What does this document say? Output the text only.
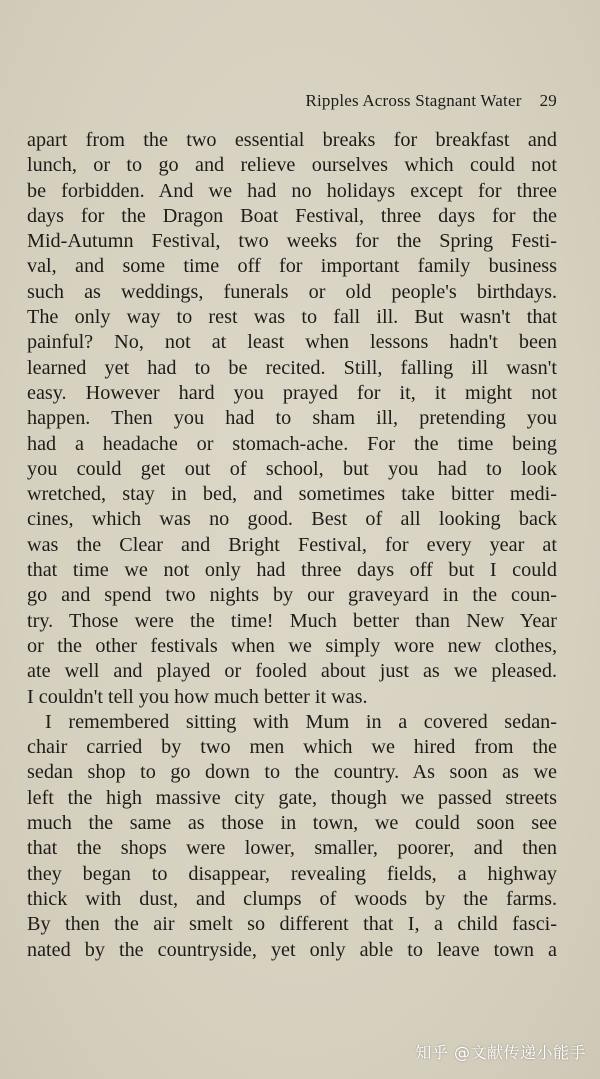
Ripples Across Stagnant Water 29
apart from the two essential breaks for breakfast and
lunch, or to go and relieve ourselves which could not
be forbidden. And we had no holidays except for three
days for the Dragon Boat Festival, three days for the
Mid-Autumn Festival, two weeks for the Spring Festi-
val, and some time off for important family business
such as weddings, funerals or old people's birthdays.
The only way to rest was to fall ill. But wasn't that
painful? No, not at least when lessons hadn't been
learned yet had to be recited. Still, falling ill wasn't
easy. However hard you prayed for it, it might not
happen. Then you had to sham ill, pretending you
had a headache or stomach-ache. For the time being
you could get out of school, but you had to look
wretched, stay in bed, and sometimes take bitter medi-
cines, which was no good. Best of all looking back
was the Clear and Bright Festival, for every year at
that time we not only had three days off but I could
go and spend two nights by our graveyard in the coun-
try. Those were the time! Much better than New Year
or the other festivals when we simply wore new clothes,
ate well and played or fooled about just as we pleased.
I couldn't tell you how much better it was.
I remembered sitting with Mum in a covered sedan-
chair carried by two men which we hired from the
sedan shop to go down to the country. As soon as we
left the high massive city gate, though we passed streets
much the same as those in town, we could soon see
that the shops were lower, smaller, poorer, and then
they began to disappear, revealing fields, a highway
thick with dust, and clumps of woods by the farms.
By then the air smelt so different that I, a child fasci-
nated by the countryside, yet only able to leave town a
知乎 @文献传递小能手
